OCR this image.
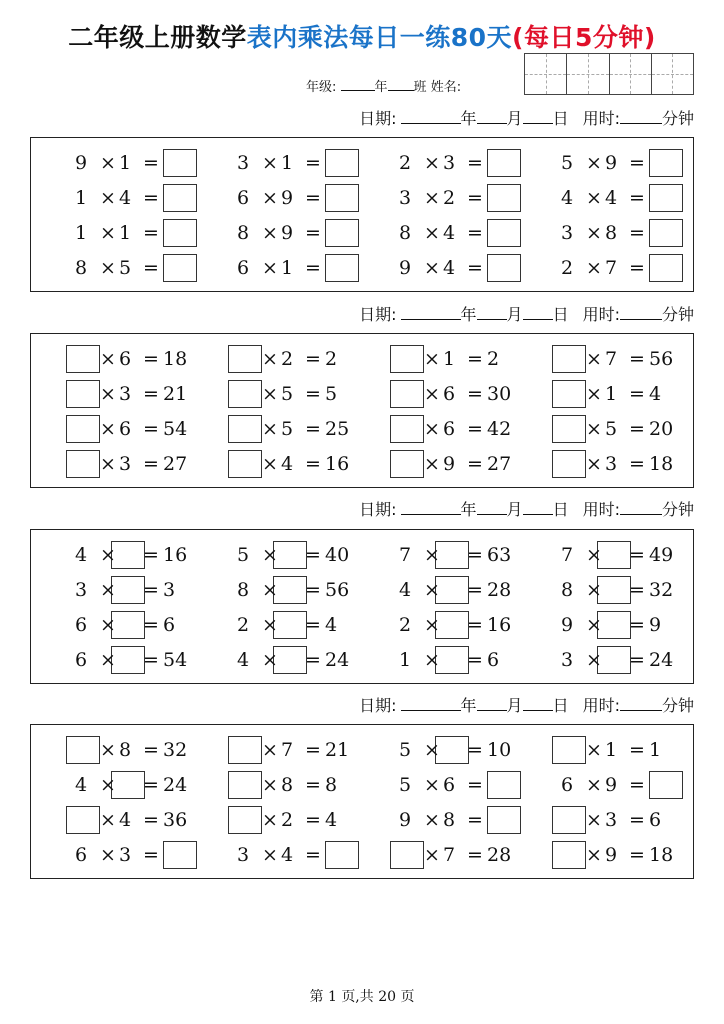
二年级上册数学表内乘法每日一练80天(每日5分钟)
年级:	年 班 姓名:
日期:	年 月 日 用时:	分钟
9 × 1 =	3 × 1 =	2 × 3 =	5 × 9 =
1 × 4 =	6 × 9 =	3 × 2 =	4 × 4 =
1 × 1 =	8 × 9 =	8 × 4 =	3 × 8 =
8 × 5 =	6 × 1 =	9 × 4 =	2 × 7 =
日期:	年 月 日 用时:	分钟
× 6 = 18	× 2 = 2	× 1 = 2	× 7 = 56
× 3 = 21	× 5 = 5	× 6 = 30	× 1 = 4
× 6 = 54	× 5 = 25	× 6 = 42	× 5 = 20
× 3 = 27	× 4 = 16	× 9 = 27	× 3 = 18
日期:	年 月 日 用时:	分钟
4 × = 16	5 × = 40	7 × = 63	7 × = 49
3 × = 3	8 × = 56	4 × = 28	8 × = 32
6 × = 6	2 × = 4	2 × = 16	9 × = 9
6 × = 54	4 × = 24	1 × = 6	3 × = 24
日期:	年 月 日 用时:	分钟
× 8 = 32	× 7 = 21	5 × = 10	× 1 = 1
4 × = 24	× 8 = 8	5 × 6 =	6 × 9 =
× 4 = 36	× 2 = 4	9 × 8 =	× 3 = 6
6 × 3 =	3 × 4 =	× 7 = 28	× 9 = 18
第 1 页,共 20 页
